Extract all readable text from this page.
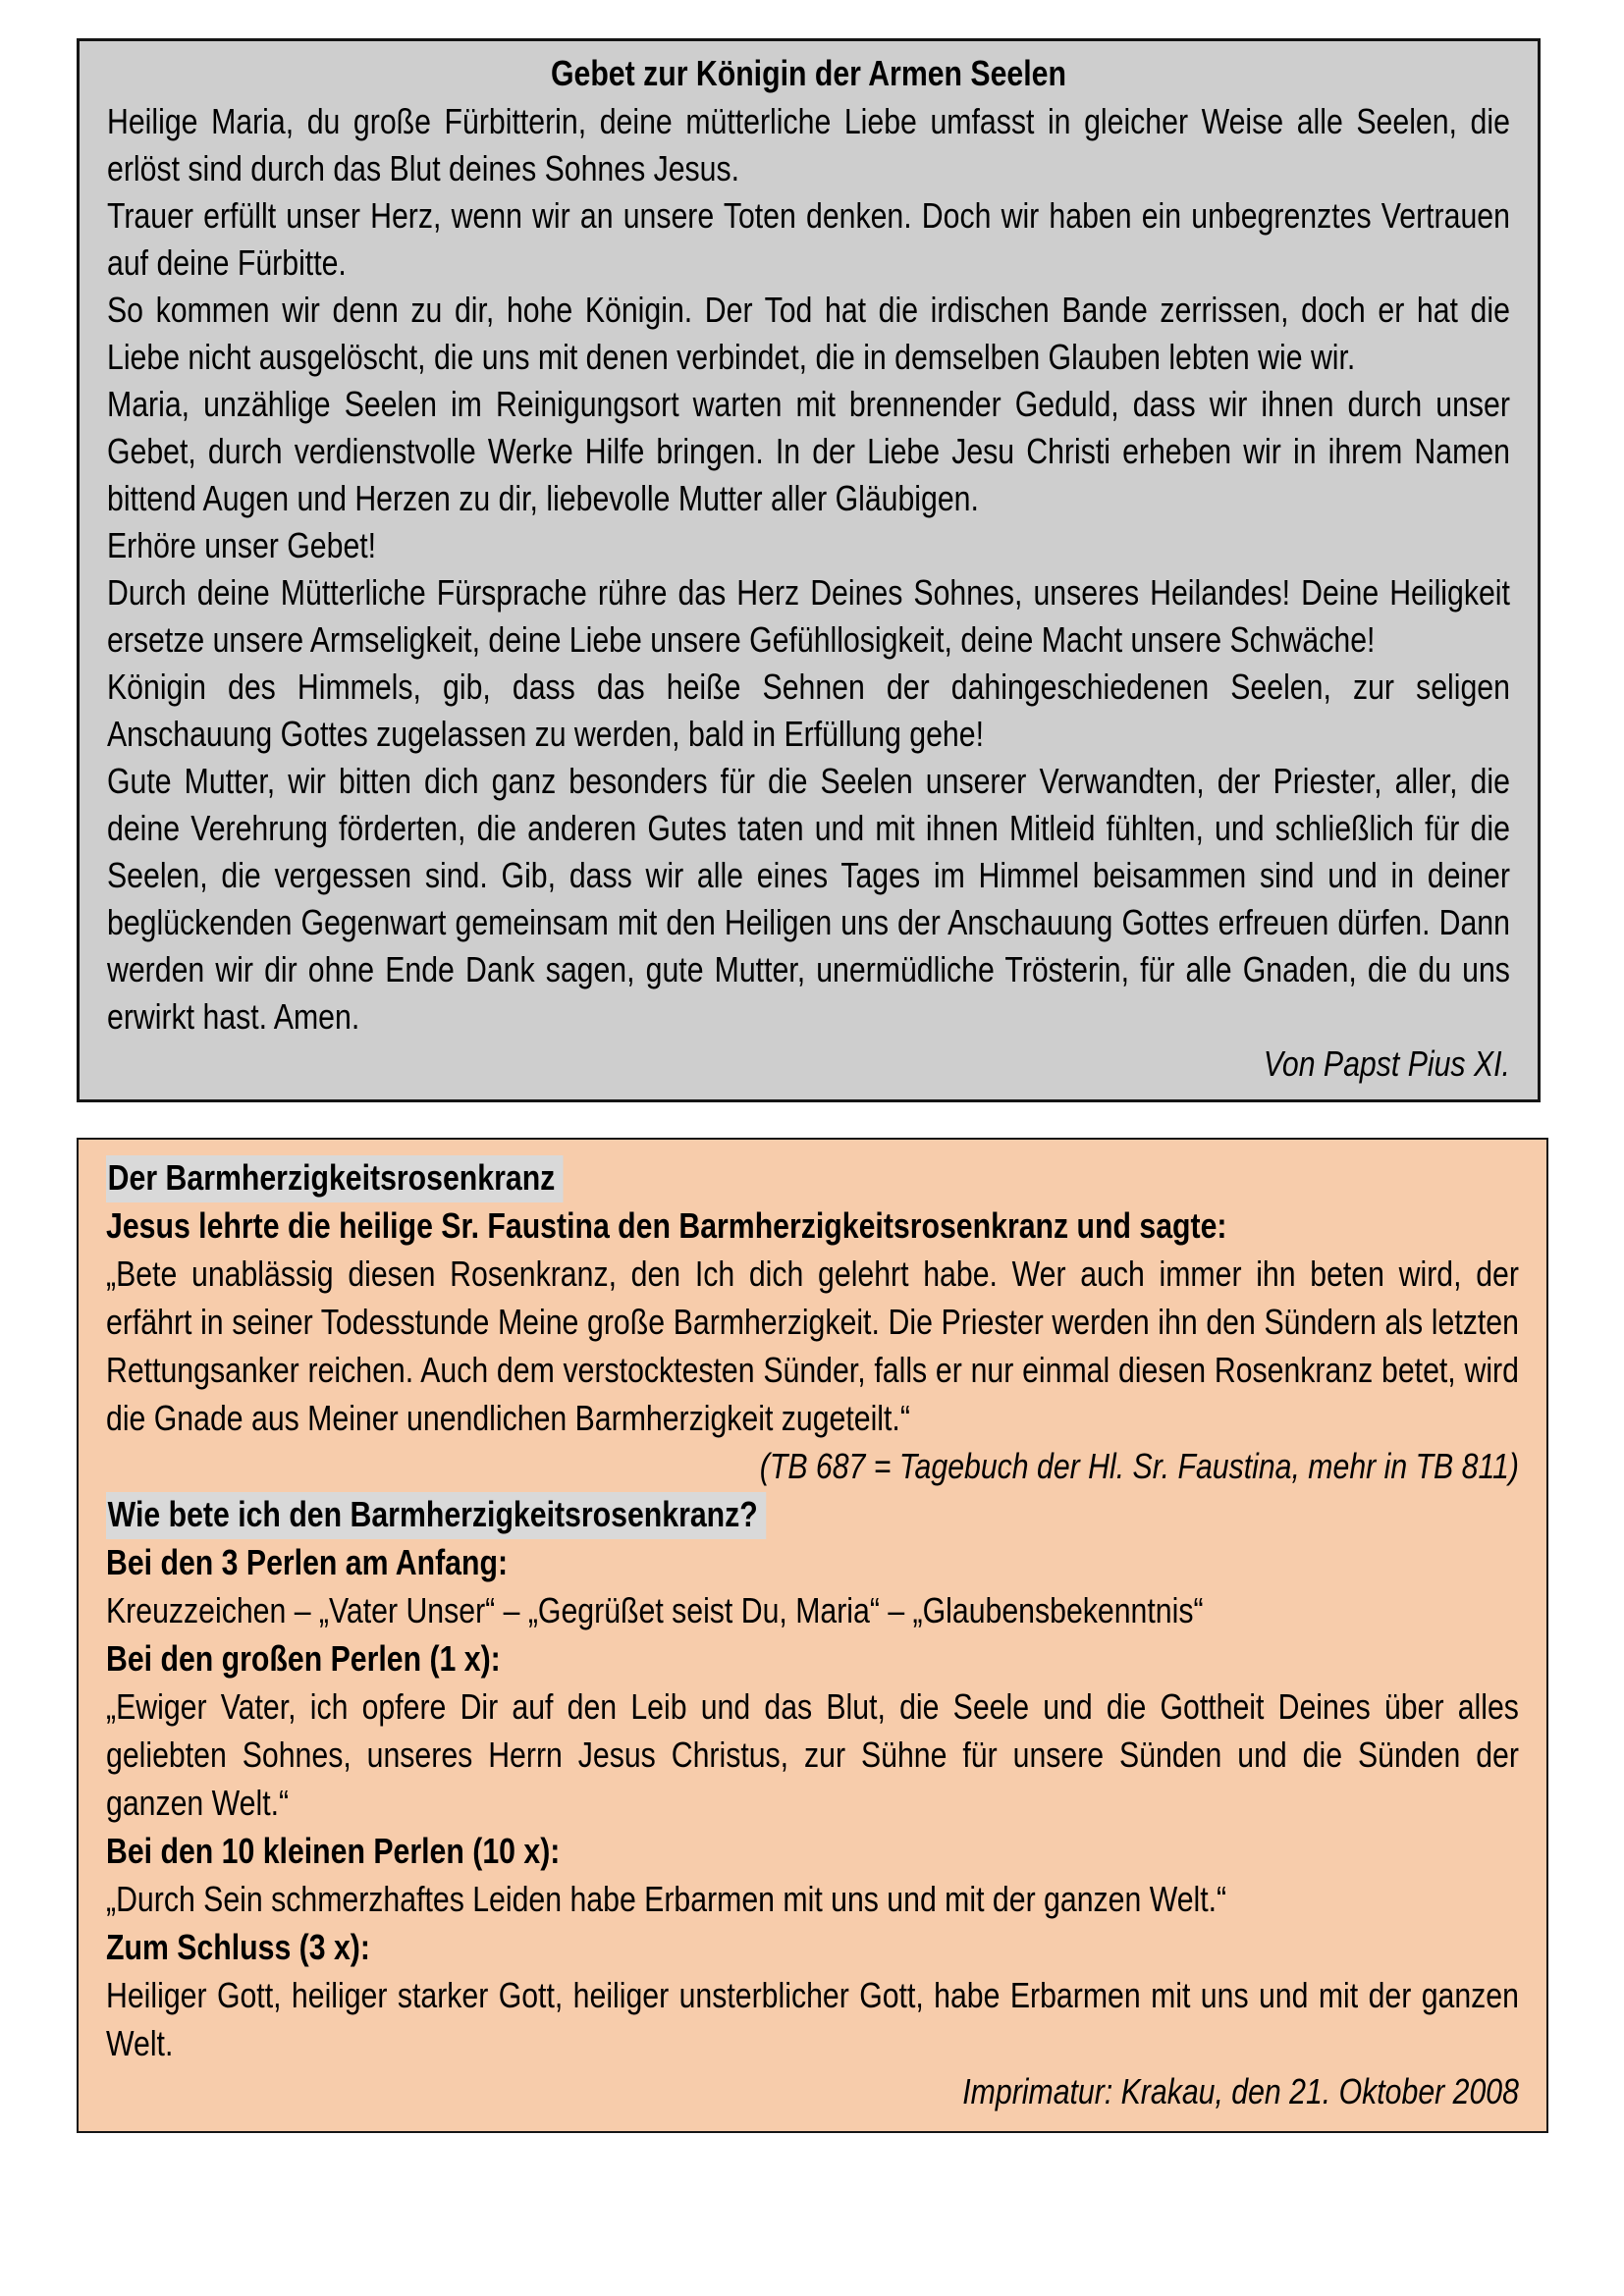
Gebet zur Königin der Armen Seelen

Heilige Maria, du große Fürbitterin, deine mütterliche Liebe umfasst in gleicher Weise alle Seelen, die erlöst sind durch das Blut deines Sohnes Jesus.

Trauer erfüllt unser Herz, wenn wir an unsere Toten denken. Doch wir haben ein unbegrenztes Vertrauen auf deine Fürbitte.

So kommen wir denn zu dir, hohe Königin. Der Tod hat die irdischen Bande zerrissen, doch er hat die Liebe nicht ausgelöscht, die uns mit denen verbindet, die in demselben Glauben lebten wie wir.

Maria, unzählige Seelen im Reinigungsort warten mit brennender Geduld, dass wir ihnen durch unser Gebet, durch verdienstvolle Werke Hilfe bringen. In der Liebe Jesu Christi erheben wir in ihrem Namen bittend Augen und Herzen zu dir, liebevolle Mutter aller Gläubigen.

Erhöre unser Gebet!

Durch deine Mütterliche Fürsprache rühre das Herz Deines Sohnes, unseres Heilandes! Deine Heiligkeit ersetze unsere Armseligkeit, deine Liebe unsere Gefühllosigkeit, deine Macht unsere Schwäche!

Königin des Himmels, gib, dass das heiße Sehnen der dahingeschiedenen Seelen, zur seligen Anschauung Gottes zugelassen zu werden, bald in Erfüllung gehe!

Gute Mutter, wir bitten dich ganz besonders für die Seelen unserer Verwandten, der Priester, aller, die deine Verehrung förderten, die anderen Gutes taten und mit ihnen Mitleid fühlten, und schließlich für die Seelen, die vergessen sind. Gib, dass wir alle eines Tages im Himmel beisammen sind und in deiner beglückenden Gegenwart gemeinsam mit den Heiligen uns der Anschauung Gottes erfreuen dürfen. Dann werden wir dir ohne Ende Dank sagen, gute Mutter, unermüdliche Trösterin, für alle Gnaden, die du uns erwirkt hast. Amen.

Von Papst Pius XI.

Der Barmherzigkeitsrosenkranz

Jesus lehrte die heilige Sr. Faustina den Barmherzigkeitsrosenkranz und sagte:

„Bete unablässig diesen Rosenkranz, den Ich dich gelehrt habe. Wer auch immer ihn beten wird, der erfährt in seiner Todesstunde Meine große Barmherzigkeit. Die Priester werden ihn den Sündern als letzten Rettungsanker reichen. Auch dem verstocktesten Sünder, falls er nur einmal diesen Rosenkranz betet, wird die Gnade aus Meiner unendlichen Barmherzigkeit zugeteilt.“
(TB 687 = Tagebuch der Hl. Sr. Faustina, mehr in TB 811)

Wie bete ich den Barmherzigkeitsrosenkranz?

Bei den 3 Perlen am Anfang:

Kreuzzeichen – „Vater Unser“ – „Gegrüßet seist Du, Maria“ – „Glaubensbekenntnis“

Bei den großen Perlen (1 x):

„Ewiger Vater, ich opfere Dir auf den Leib und das Blut, die Seele und die Gottheit Deines über alles geliebten Sohnes, unseres Herrn Jesus Christus, zur Sühne für unsere Sünden und die Sünden der ganzen Welt.“

Bei den 10 kleinen Perlen (10 x):

„Durch Sein schmerzhaftes Leiden habe Erbarmen mit uns und mit der ganzen Welt.“

Zum Schluss (3 x):

Heiliger Gott, heiliger starker Gott, heiliger unsterblicher Gott, habe Erbarmen mit uns und mit der ganzen Welt.

Imprimatur: Krakau, den 21. Oktober 2008
